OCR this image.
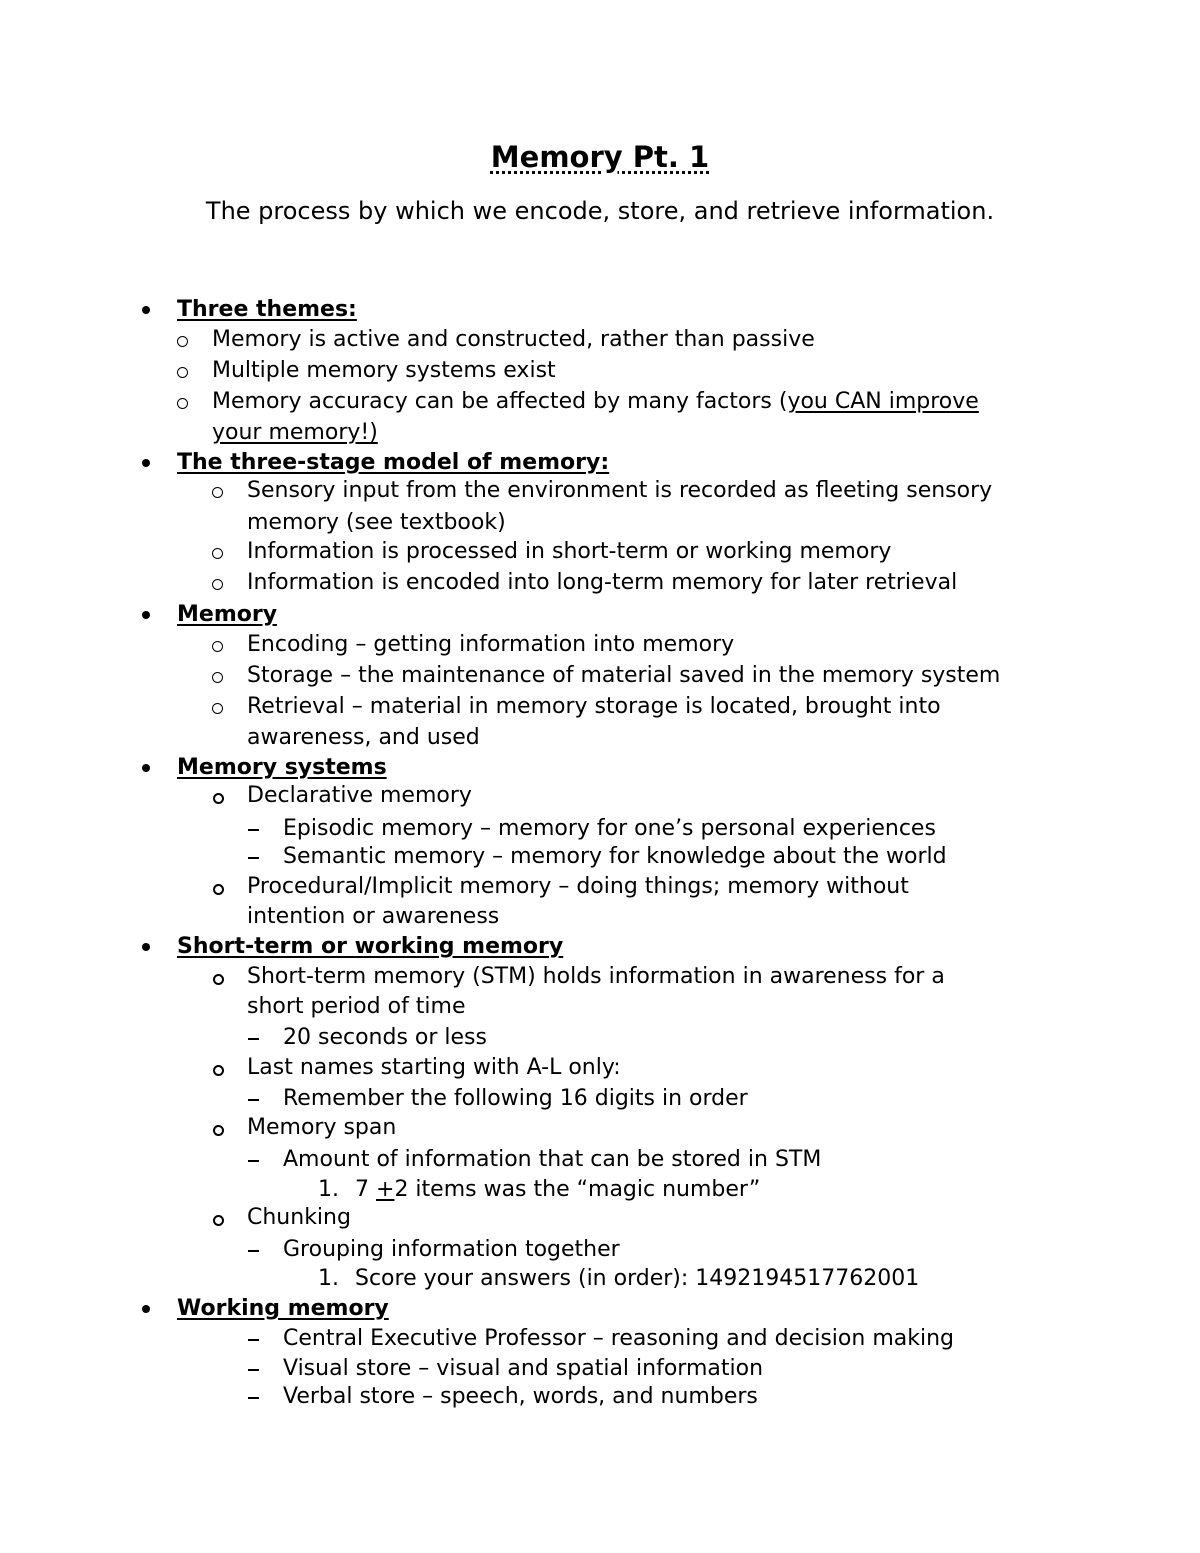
Memory Pt. 1
The process by which we encode, store, and retrieve information.
Three themes:
Memory is active and constructed, rather than passive
Multiple memory systems exist
Memory accuracy can be affected by many factors (you CAN improve
your memory!)
The three-stage model of memory:
Sensory input from the environment is recorded as fleeting sensory
memory (see textbook)
Information is processed in short-term or working memory
Information is encoded into long-term memory for later retrieval
Memory
Encoding – getting information into memory
Storage – the maintenance of material saved in the memory system
Retrieval – material in memory storage is located, brought into
awareness, and used
Memory systems
Declarative memory
Episodic memory – memory for one’s personal experiences
Semantic memory – memory for knowledge about the world
Procedural/Implicit memory – doing things; memory without
intention or awareness
Short-term or working memory
Short-term memory (STM) holds information in awareness for a
short period of time
20 seconds or less
Last names starting with A-L only:
Remember the following 16 digits in order
Memory span
Amount of information that can be stored in STM
1. 7 +2 items was the “magic number”
Chunking
Grouping information together
1. Score your answers (in order): 1492194517762001
Working memory
Central Executive Professor – reasoning and decision making
Visual store – visual and spatial information
Verbal store – speech, words, and numbers
